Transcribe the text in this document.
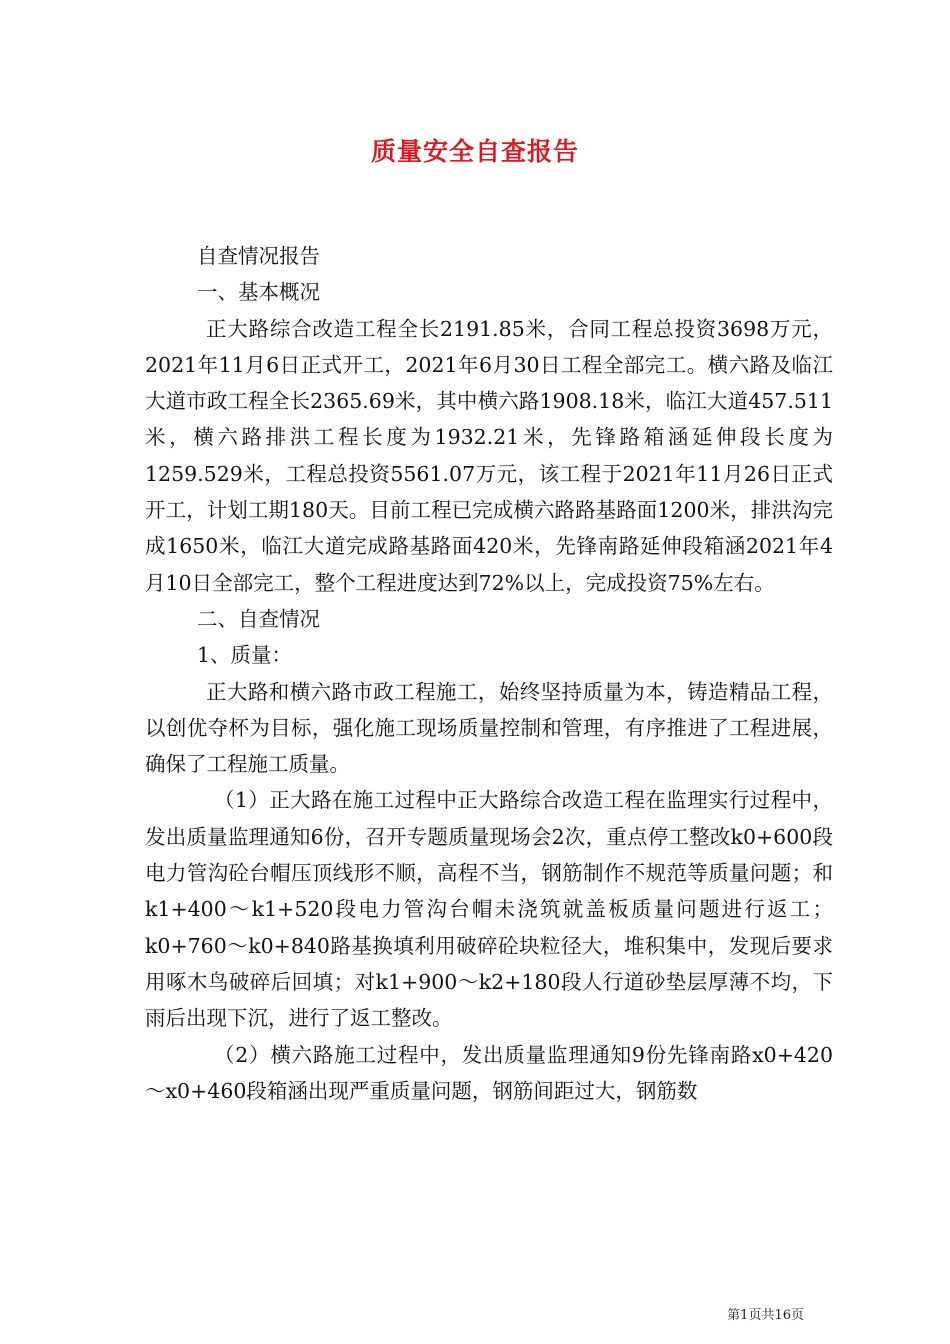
质量安全自查报告

自查情况报告

一、基本概况

正大路综合改造工程全长2191.85米，合同工程总投资3698万元，2021年11月6日正式开工，2021年6月30日工程全部完工。横六路及临江大道市政工程全长2365.69米，其中横六路1908.18米，临江大道457.511米，横六路排洪工程长度为1932.21米，先锋路箱涵延伸段长度为1259.529米，工程总投资5561.07万元，该工程于2021年11月26日正式开工，计划工期180天。目前工程已完成横六路路基路面1200米，排洪沟完成1650米，临江大道完成路基路面420米，先锋南路延伸段箱涵2021年4月10日全部完工，整个工程进度达到72%以上，完成投资75%左右。

二、自查情况

1、质量：

正大路和横六路市政工程施工，始终坚持质量为本，铸造精品工程，以创优夺杯为目标，强化施工现场质量控制和管理，有序推进了工程进展，确保了工程施工质量。

（1）正大路在施工过程中正大路综合改造工程在监理实行过程中，发出质量监理通知6份，召开专题质量现场会2次，重点停工整改k0+600段电力管沟砼台帽压顶线形不顺，高程不当，钢筋制作不规范等质量问题；和k1+400～k1+520段电力管沟台帽未浇筑就盖板质量问题进行返工；k0+760～k0+840路基换填利用破碎砼块粒径大，堆积集中，发现后要求用啄木鸟破碎后回填；对k1+900～k2+180段人行道砂垫层厚薄不均，下雨后出现下沉，进行了返工整改。

（2）横六路施工过程中，发出质量监理通知9份先锋南路x0+420～x0+460段箱涵出现严重质量问题，钢筋间距过大，钢筋数

第1页共16页
